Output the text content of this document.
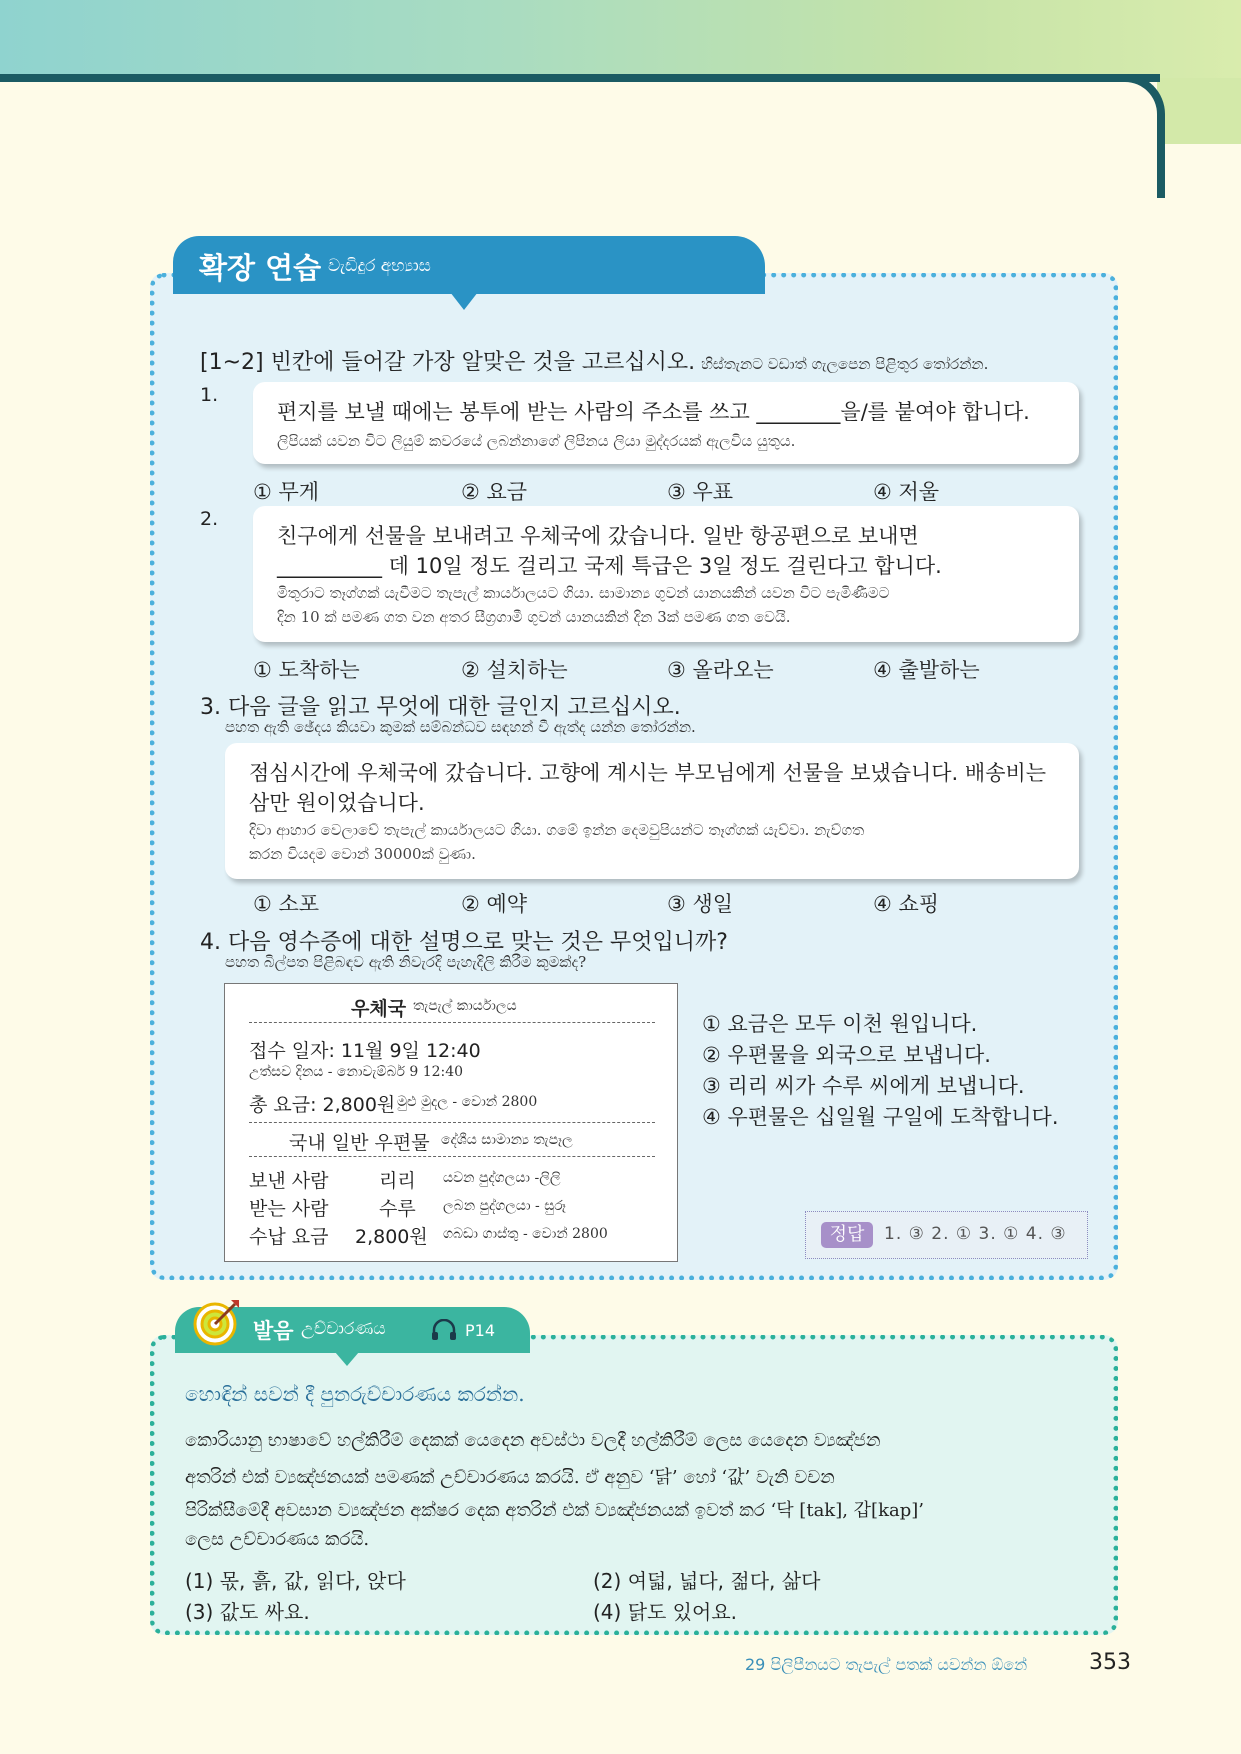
확장 연습 වැඩිදුර අභ්‍යාස
[1~2] 빈칸에 들어갈 가장 알맞은 것을 고르십시오. හිස්තැනට වඩාත් ගැලපෙන පිළිතුර තෝරන්න.
1.
편지를 보낼 때에는 봉투에 받는 사람의 주소를 쓰고 ________을/를 붙여야 합니다.
ලිපියක් යවන විට ලියුම් කවරයේ ලබන්නාගේ ලිපිනය ලියා මුද්දරයක් ඇලවිය යුතුය.
① 무게	② 요금	③ 우표	④ 저울
2.
친구에게 선물을 보내려고 우체국에 갔습니다. 일반 항공편으로 보내면
__________ 데 10일 정도 걸리고 국제 특급은 3일 정도 걸린다고 합니다.
මිතුරාට තෑග්ගක් යැවීමට තැපැල් කාර්යාලයට ගියා. සාමාන්‍ය ගුවන් යානයකින් යවන විට පැමිණීමට
දින 10 ක් පමණ ගත වන අතර සීග්‍රගාමී ගුවන් යානයකින් දින 3ක් පමණ ගත වෙයි.
① 도착하는	② 설치하는	③ 올라오는	④ 출발하는
3. 다음 글을 읽고 무엇에 대한 글인지 고르십시오.
පහත ඇති ඡේදය කියවා කුමක් සම්බන්ධව සඳහන් වී ඇත්ද යන්න තෝරන්න.
점심시간에 우체국에 갔습니다. 고향에 계시는 부모님에게 선물을 보냈습니다. 배송비는
삼만 원이었습니다.
දිවා ආහාර වෙලාවේ තැපැල් කාර්යාලයට ගියා. ගමේ ඉන්න දෙමවුපියන්ට තෑග්ගක් යැව්වා. නැව්ගත
කරන වියදම වොන් 30000ක් වුණා.
① 소포	② 예약	③ 생일	④ 쇼핑
4. 다음 영수증에 대한 설명으로 맞는 것은 무엇입니까?
පහත බිල්පත පිළිබඳව ඇති නිවැරදි පැහැදිලි කිරීම කුමක්ද?
우체국 තැපැල් කාර්යාලය
접수 일자: 11월 9일 12:40
උත්සව දිනය - නොවැම්බර් 9 12:40
총 요금: 2,800원 මුළු මුදල - වොන් 2800
국내 일반 우편물 දේශීය සාමාන්‍ය තැපෑල
보낸 사람	리리 යවන පුද්ගලයා -ලිලි
받는 사람	수루 ලබන පුද්ගලයා - සුරූ
수납 요금 2,800원 ගබඩා ගාස්තු - වොන් 2800
① 요금은 모두 이천 원입니다.
② 우편물을 외국으로 보냅니다.
③ 리리 씨가 수루 씨에게 보냅니다.
④ 우편물은 십일월 구일에 도착합니다.
정답	1. ③ 2. ① 3. ① 4. ③
발음 උච්චාරණය	P14
හොඳින් සවන් දී පුනරුච්චාරණය කරන්න.
කොරියානු භාෂාවේ හල්කිරීම් දෙකක් යෙදෙන අවස්ථා වලදී හල්කිරීම් ලෙස යෙදෙන ව්‍යඤ්ජන
අතරින් එක් ව්‍යඤ්ජනයක් පමණක් උච්චාරණය කරයි. ඒ අනුව ‘닭’ හෝ ‘값’ වැනි වචන
පිරික්සීමේදී අවසාන ව්‍යඤ්ජන අක්ෂර දෙක අතරින් එක් ව්‍යඤ්ජනයක් ඉවත් කර ‘닥 [tak], 갑[kap]’
ලෙස උච්චාරණය කරයි.
(1) 몫, 흙, 값, 읽다, 앉다	(2) 여덟, 넓다, 젊다, 삶다
(3) 값도 싸요.	(4) 닭도 있어요.
29 පිලිපීනයට තැපැල් පතක් යවන්න ඕනේ	353
